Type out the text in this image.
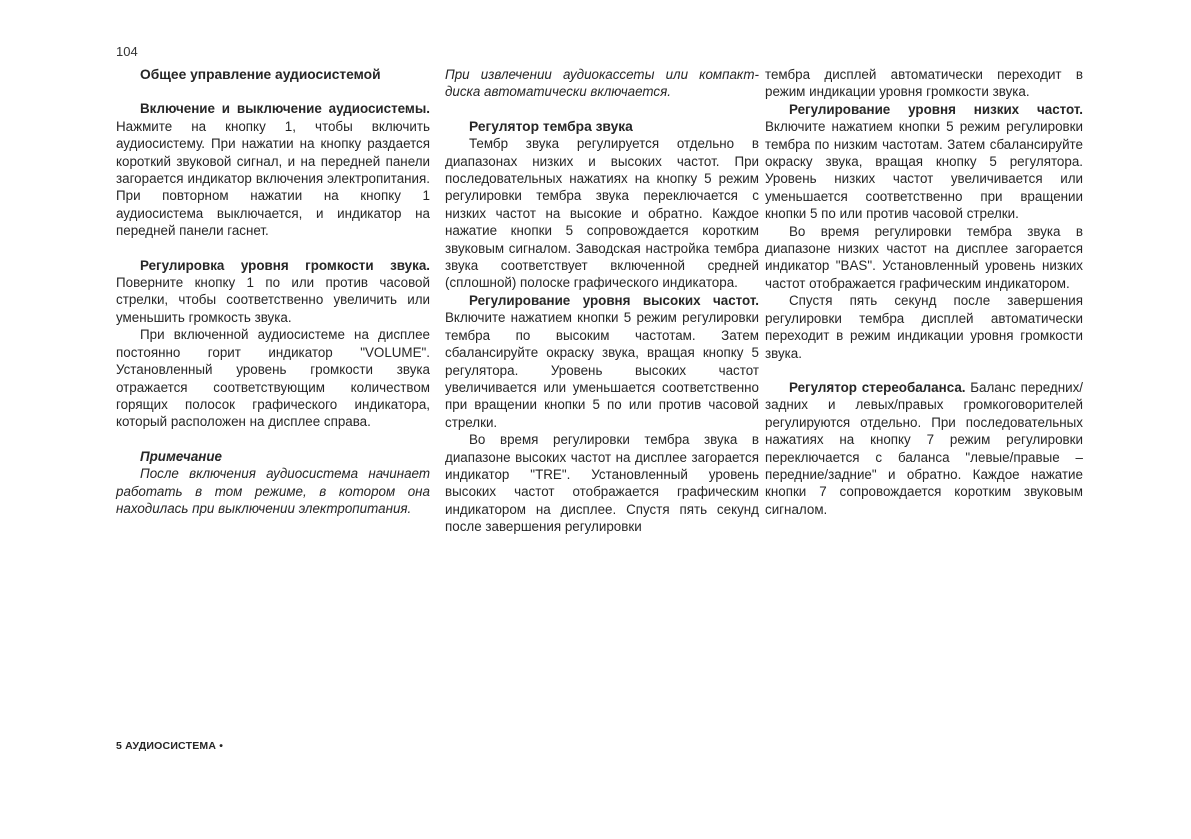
104
Общее управление аудиосистемой

Включение и выключение аудиосистемы. Нажмите на кнопку 1, чтобы включить аудиосистему. При нажатии на кнопку раздается короткий звуковой сигнал, и на передней панели загорается индикатор включения электропитания. При повторном нажатии на кнопку 1 аудиосистема выключается, и индикатор на передней панели гаснет.

Регулировка уровня громкости звука. Поверните кнопку 1 по или против часовой стрелки, чтобы соответственно увеличить или уменьшить громкость звука.

При включенной аудиосистеме на дисплее постоянно горит индикатор "VOLUME". Установленный уровень громкости звука отражается соответствующим количеством горящих полосок графического индикатора, который расположен на дисплее справа.

Примечание

После включения аудиосистема начинает работать в том режиме, в котором она находилась при выключении электропитания.

При извлечении аудиокассеты или компакт-диска автоматически включается.

Регулятор тембра звука

Тембр звука регулируется отдельно в диапазонах низких и высоких частот. При последовательных нажатиях на кнопку 5 режим регулировки тембра звука переключается с низких частот на высокие и обратно. Каждое нажатие кнопки 5 сопровождается коротким звуковым сигналом. Заводская настройка тембра звука соответствует включенной средней (сплошной) полоске графического индикатора.

Регулирование уровня высоких частот. Включите нажатием кнопки 5 режим регулировки тембра по высоким частотам. Затем сбалансируйте окраску звука, вращая кнопку 5 регулятора. Уровень высоких частот увеличивается или уменьшается соответственно при вращении кнопки 5 по или против часовой стрелки.

Во время регулировки тембра звука в диапазоне высоких частот на дисплее загорается индикатор "TRE". Установленный уровень высоких частот отображается графическим индикатором на дисплее. Спустя пять секунд после завершения регулировки

тембра дисплей автоматически переходит в режим индикации уровня громкости звука.

Регулирование уровня низких частот. Включите нажатием кнопки 5 режим регулировки тембра по низким частотам. Затем сбалансируйте окраску звука, вращая кнопку 5 регулятора. Уровень низких частот увеличивается или уменьшается соответственно при вращении кнопки 5 по или против часовой стрелки.

Во время регулировки тембра звука в диапазоне низких частот на дисплее загорается индикатор "BAS". Установленный уровень низких частот отображается графическим индикатором.

Спустя пять секунд после завершения регулировки тембра дисплей автоматически переходит в режим индикации уровня громкости звука.

Регулятор стереобаланса. Баланс передних/задних и левых/правых громкоговорителей регулируются отдельно. При последовательных нажатиях на кнопку 7 режим регулировки переключается с баланса "левые/правые – передние/задние" и обратно. Каждое нажатие кнопки 7 сопровождается коротким звуковым сигналом.

5 АУДИОСИСТЕМА •
